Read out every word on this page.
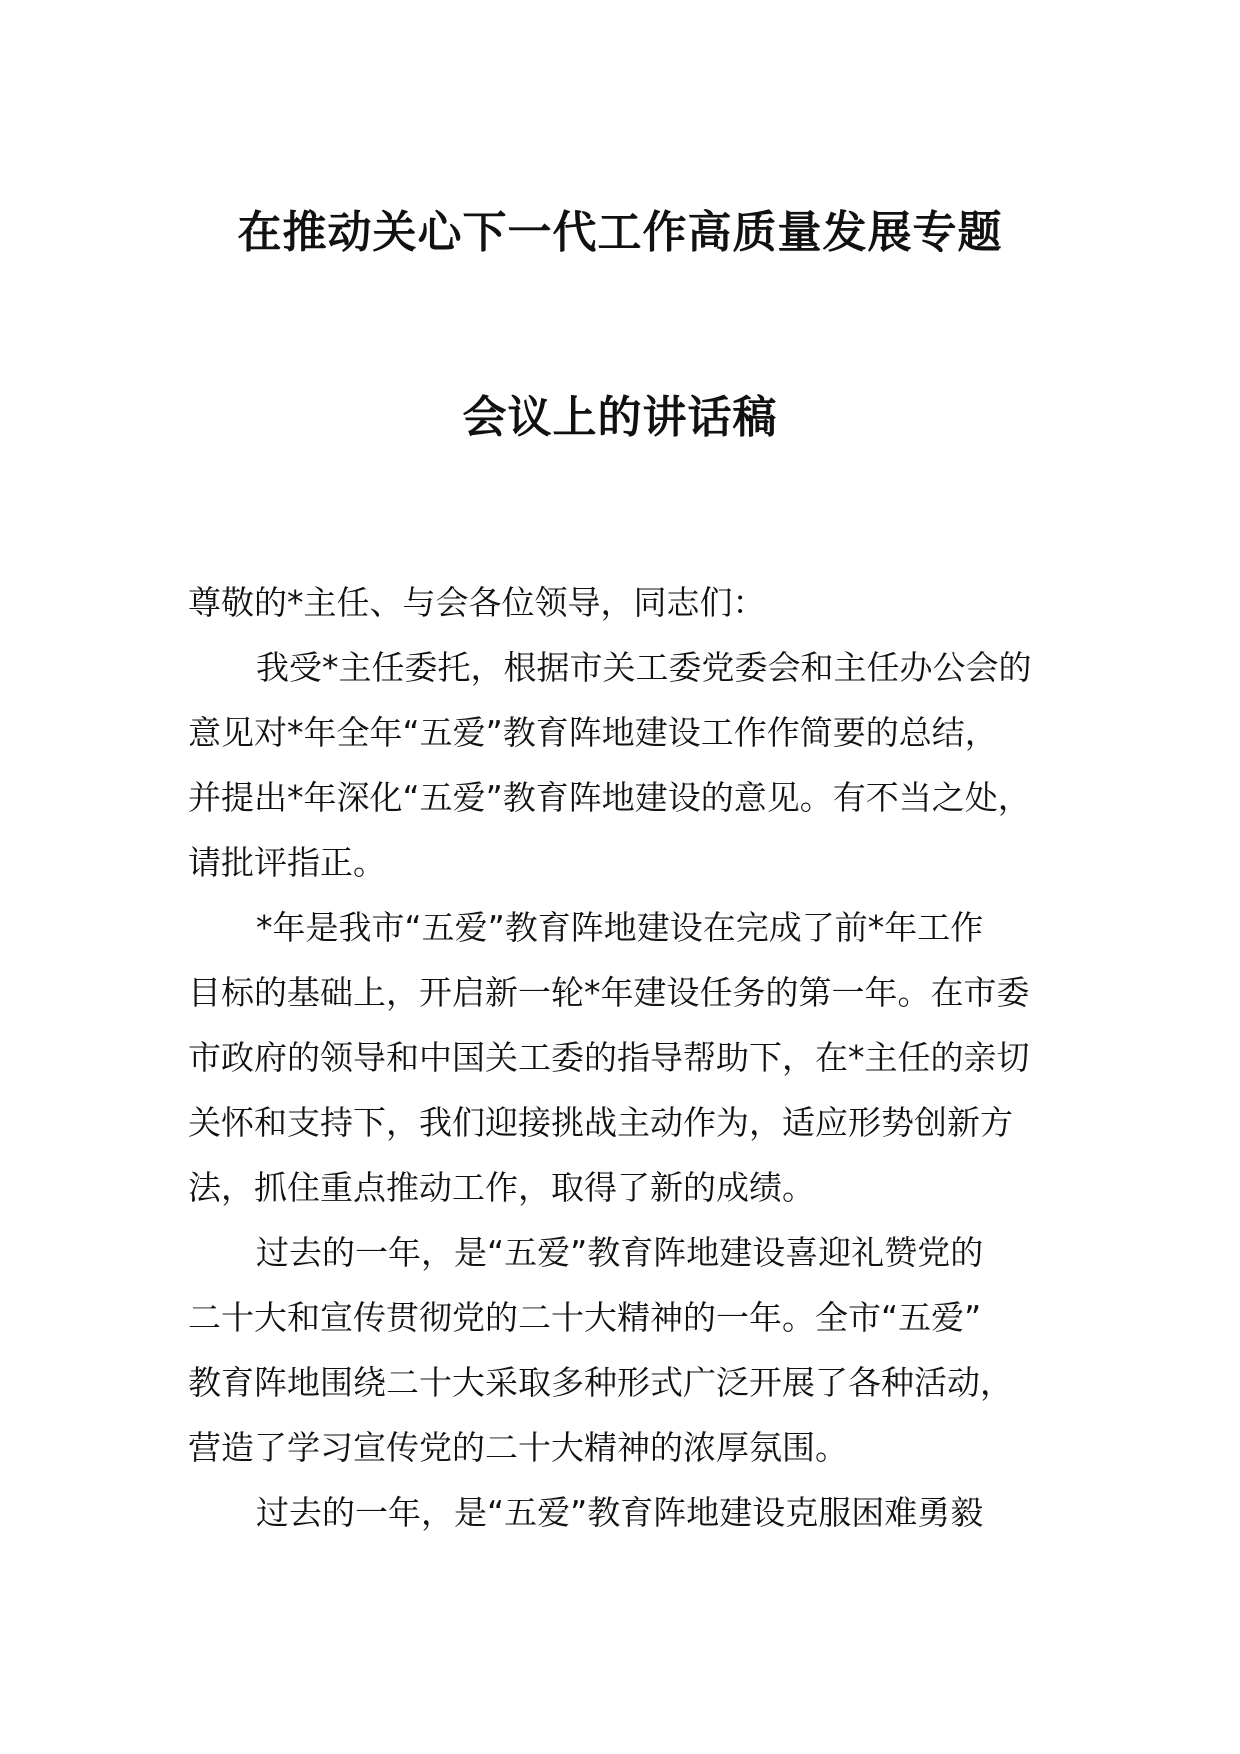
在推动关心下一代工作高质量发展专题
会议上的讲话稿
尊敬的*主任、与会各位领导，同志们：
我受*主任委托，根据市关工委党委会和主任办公会的
意见对*年全年“五爱”教育阵地建设工作作简要的总结，
并提出*年深化“五爱”教育阵地建设的意见。有不当之处，
请批评指正。
*年是我市“五爱”教育阵地建设在完成了前*年工作
目标的基础上，开启新一轮*年建设任务的第一年。在市委
市政府的领导和中国关工委的指导帮助下，在*主任的亲切
关怀和支持下，我们迎接挑战主动作为，适应形势创新方
法，抓住重点推动工作，取得了新的成绩。
过去的一年，是“五爱”教育阵地建设喜迎礼赞党的
二十大和宣传贯彻党的二十大精神的一年。全市“五爱”
教育阵地围绕二十大采取多种形式广泛开展了各种活动，
营造了学习宣传党的二十大精神的浓厚氛围。
过去的一年，是“五爱”教育阵地建设克服困难勇毅
